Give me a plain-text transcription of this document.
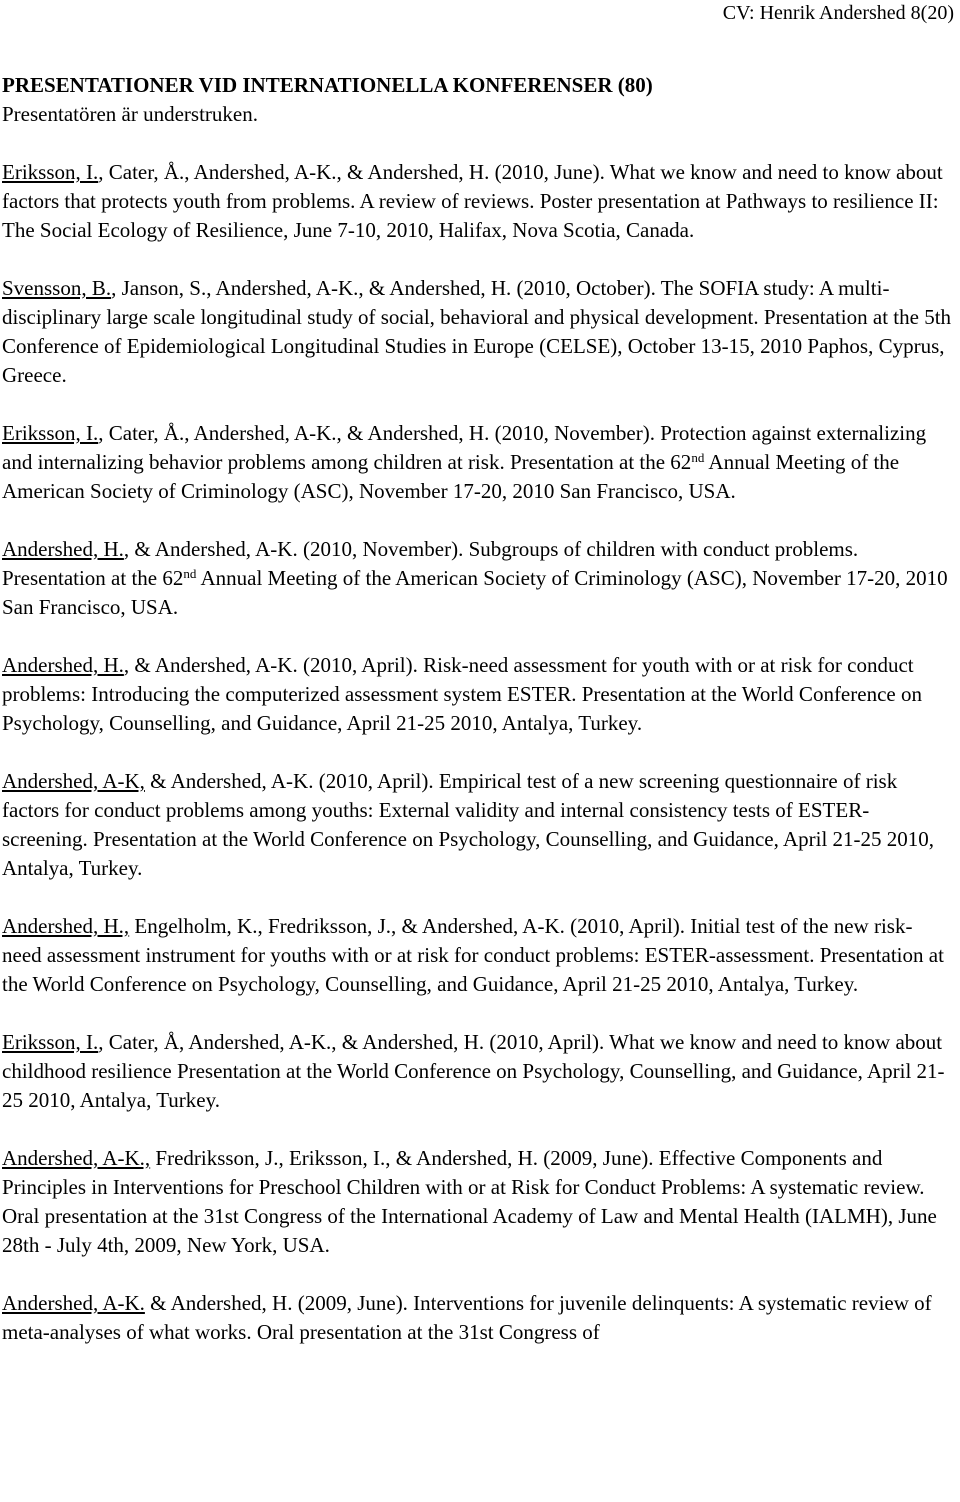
CV: Henrik Andershed 8(20)
PRESENTATIONER VID INTERNATIONELLA KONFERENSER (80)
Presentatören är understruken.
Eriksson, I., Cater, Å., Andershed, A-K., & Andershed, H. (2010, June). What we know and need to know about factors that protects youth from problems. A review of reviews. Poster presentation at Pathways to resilience II: The Social Ecology of Resilience, June 7-10, 2010, Halifax, Nova Scotia, Canada.
Svensson, B., Janson, S., Andershed, A-K., & Andershed, H. (2010, October). The SOFIA study: A multi-disciplinary large scale longitudinal study of social, behavioral and physical development. Presentation at the 5th Conference of Epidemiological Longitudinal Studies in Europe (CELSE), October 13-15, 2010 Paphos, Cyprus, Greece.
Eriksson, I., Cater, Å., Andershed, A-K., & Andershed, H. (2010, November). Protection against externalizing and internalizing behavior problems among children at risk. Presentation at the 62nd Annual Meeting of the American Society of Criminology (ASC), November 17-20, 2010 San Francisco, USA.
Andershed, H., & Andershed, A-K. (2010, November). Subgroups of children with conduct problems. Presentation at the 62nd Annual Meeting of the American Society of Criminology (ASC), November 17-20, 2010 San Francisco, USA.
Andershed, H., & Andershed, A-K. (2010, April). Risk-need assessment for youth with or at risk for conduct problems: Introducing the computerized assessment system ESTER. Presentation at the World Conference on Psychology, Counselling, and Guidance, April 21-25 2010, Antalya, Turkey.
Andershed, A-K, & Andershed, A-K. (2010, April). Empirical test of a new screening questionnaire of risk factors for conduct problems among youths: External validity and internal consistency tests of ESTER-screening. Presentation at the World Conference on Psychology, Counselling, and Guidance, April 21-25 2010, Antalya, Turkey.
Andershed, H., Engelholm, K., Fredriksson, J., & Andershed, A-K. (2010, April). Initial test of the new risk- need assessment instrument for youths with or at risk for conduct problems: ESTER-assessment. Presentation at the World Conference on Psychology, Counselling, and Guidance, April 21-25 2010, Antalya, Turkey.
Eriksson, I., Cater, Å, Andershed, A-K., & Andershed, H. (2010, April). What we know and need to know about childhood resilience Presentation at the World Conference on Psychology, Counselling, and Guidance, April 21-25 2010, Antalya, Turkey.
Andershed, A-K., Fredriksson, J., Eriksson, I., & Andershed, H. (2009, June). Effective Components and Principles in Interventions for Preschool Children with or at Risk for Conduct Problems: A systematic review. Oral presentation at the 31st Congress of the International Academy of Law and Mental Health (IALMH), June 28th - July 4th, 2009, New York, USA.
Andershed, A-K. & Andershed, H. (2009, June). Interventions for juvenile delinquents: A systematic review of meta-analyses of what works. Oral presentation at the 31st Congress of
